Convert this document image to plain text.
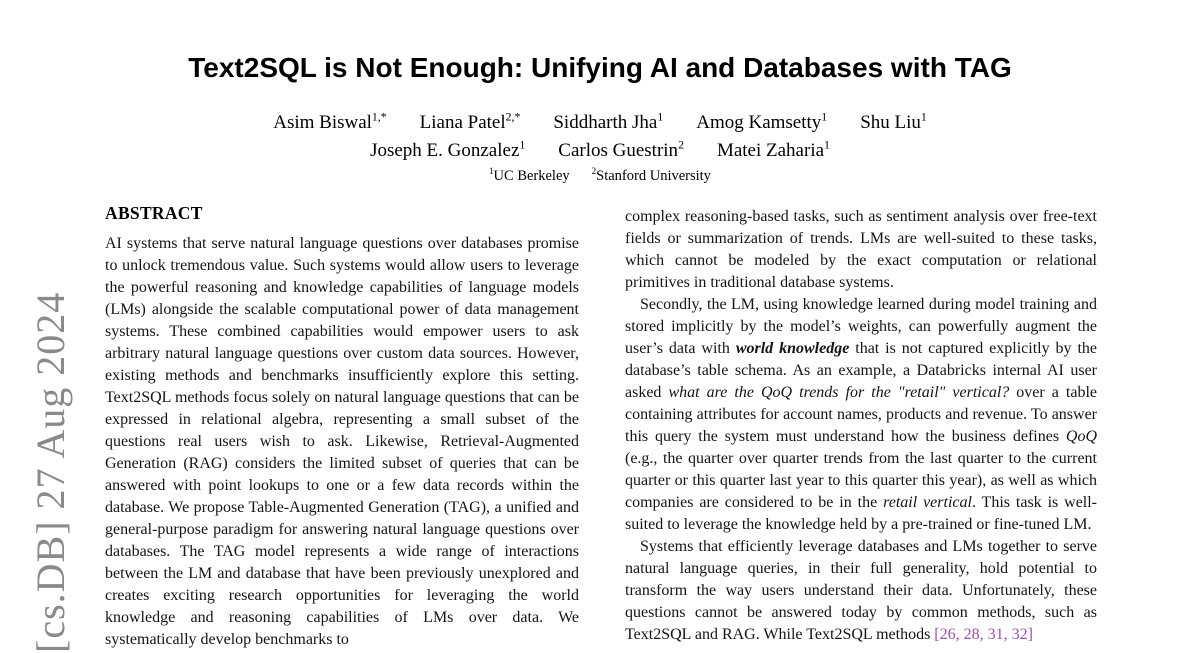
[cs.DB] 27 Aug 2024
Text2SQL is Not Enough: Unifying AI and Databases with TAG
Asim Biswal$^{1,*}$ Liana Patel$^{2,*}$ Siddharth Jha$^1$ Amog Kamsetty$^1$ Shu Liu$^1$
Joseph E. Gonzalez$^1$ Carlos Guestrin$^2$ Matei Zaharia$^1$
$^1$UC Berkeley $^2$Stanford University
ABSTRACT

AI systems that serve natural language questions over databases promise to unlock tremendous value. Such systems would allow users to leverage the powerful reasoning and knowledge capabilities of language models (LMs) alongside the scalable computational power of data management systems. These combined capabilities would empower users to ask arbitrary natural language questions over custom data sources. However, existing methods and benchmarks insufficiently explore this setting. Text2SQL methods focus solely on natural language questions that can be expressed in relational algebra, representing a small subset of the questions real users wish to ask. Likewise, Retrieval-Augmented Generation (RAG) considers the limited subset of queries that can be answered with point lookups to one or a few data records within the database. We propose Table-Augmented Generation (TAG), a unified and general-purpose paradigm for answering natural language questions over databases. The TAG model represents a wide range of interactions between the LM and database that have been previously unexplored and creates exciting research opportunities for leveraging the world knowledge and reasoning capabilities of LMs over data. We systematically develop benchmarks to

complex reasoning-based tasks, such as sentiment analysis over free-text fields or summarization of trends. LMs are well-suited to these tasks, which cannot be modeled by the exact computation or relational primitives in traditional database systems.

Secondly, the LM, using knowledge learned during model training and stored implicitly by the model’s weights, can powerfully augment the user’s data with world knowledge that is not captured explicitly by the database’s table schema. As an example, a Databricks internal AI user asked what are the QoQ trends for the "retail" vertical? over a table containing attributes for account names, products and revenue. To answer this query the system must understand how the business defines QoQ (e.g., the quarter over quarter trends from the last quarter to the current quarter or this quarter last year to this quarter this year), as well as which companies are considered to be in the retail vertical. This task is well-suited to leverage the knowledge held by a pre-trained or fine-tuned LM.

Systems that efficiently leverage databases and LMs together to serve natural language queries, in their full generality, hold potential to transform the way users understand their data. Unfortunately, these questions cannot be answered today by common methods, such as Text2SQL and RAG. While Text2SQL methods [26, 28, 31, 32]
